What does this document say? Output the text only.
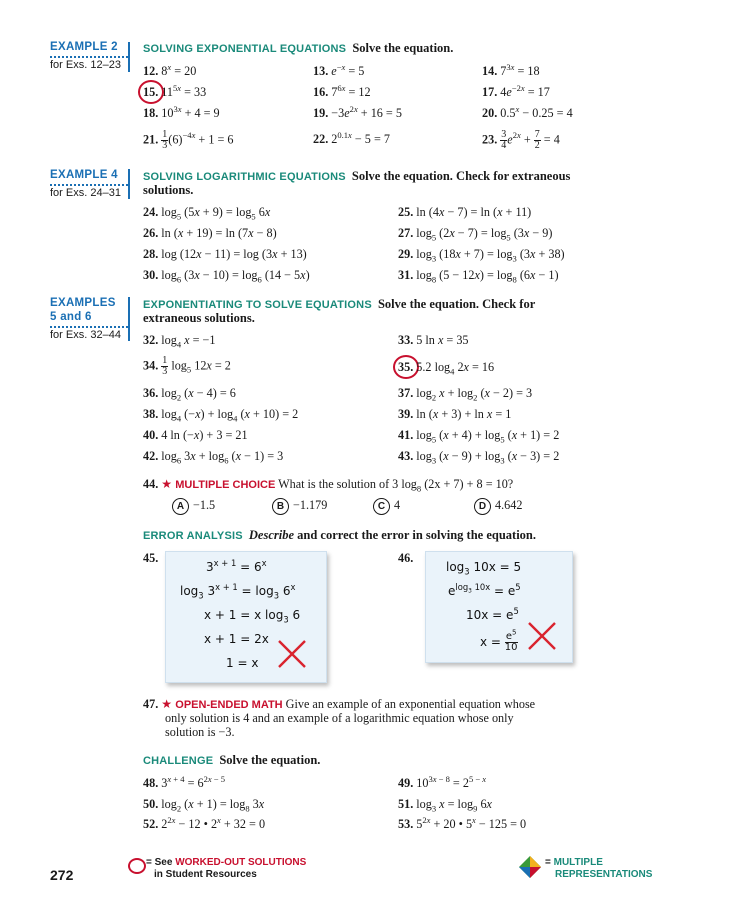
EXAMPLE 2
for Exs. 12–23
EXAMPLE 4
for Exs. 24–31
EXAMPLES
5 and 6
for Exs. 32–44
SOLVING EXPONENTIAL EQUATIONS Solve the equation.
12. $8^x = 20$	13. $e^{-x} = 5$	14. $7^{3x} = 18$
15. $11^{5x} = 33$	16. $7^{6x} = 12$	17. $4e^{-2x} = 17$
18. $10^{3x} + 4 = 9$	19. $-3e^{2x} + 16 = 5$	20. $0.5^x - 0.25 = 4$
21. $\frac{1}{3} (6)^{-4x} + 1 = 6$	22. $2^{0.1x} - 5 = 7$	23. $\frac{3}{4} e^{2x} + \frac{7}{2} = 4$
SOLVING LOGARITHMIC EQUATIONS Solve the equation. Check for extraneous
solutions.
24. $\log_5 (5x + 9) = \log_5 6x$	25. ln (4x − 7) = ln (x + 11)
26. ln (x + 19) = ln (7x − 8)	27. $\log_5 (2x - 7) = \log_5 (3x - 9)$
28. log (12x − 11) = log (3x + 13)	29. $\log_3 (18x + 7) = \log_3 (3x + 38)$
30. $\log_6 (3x - 10) = \log_6 (14 - 5x)$	31. $\log_8 (5 - 12x) = \log_8 (6x - 1)$
EXPONENTIATING TO SOLVE EQUATIONS Solve the equation. Check for
extraneous solutions.
32. $\log_4 x = -1$	33. 5 ln x = 35
34. $\frac{1}{3} \log_5 12x = 2$	35. 5.2 $\log_4 2x = 16$
36. $\log_2 (x - 4) = 6$	37. $\log_2 x + \log_2 (x - 2) = 3$
38. $\log_4 (-x) + \log_4 (x + 10) = 2$	39. ln (x + 3) + ln x = 1
40. 4 ln (−x) + 3 = 21	41. $\log_5 (x + 4) + \log_5 (x + 1) = 2$
42. $\log_6 3x + \log_6 (x - 1) = 3$	43. $\log_3 (x - 9) + \log_3 (x - 3) = 2$
44. ★ MULTIPLE CHOICE What is the solution of 3 $\log_8 (2x + 7) + 8 = 10$?
A −1.5	B −1.179	C 4	D 4.642
ERROR ANALYSIS Describe and correct the error in solving the equation.
45.
$3^{x + 1} = 6^x$
$\log_3 3^{x + 1} = \log_3 6^x$
x + 1 = x $\log_3 6$
x + 1 = 2x
1 = x
46.
$\log_3 10x = 5$
$e^{log_3 10x} = e^5$
$10x = e^5$
$x = \frac{e^5}{10}$
47. ★ OPEN-ENDED MATH Give an example of an exponential equation whose
only solution is 4 and an example of a logarithmic equation whose only
solution is −3.
CHALLENGE Solve the equation.
48. $3^{x + 4} = 6^{2x - 5}$	49. $10^{3x - 8} = 2^{5 - x}$
50. $\log_2 (x + 1) = \log_8 3x$	51. $\log_3 x = \log_9 6x$
52. $2^{2x} - 12$ • $2^x + 32 = 0$	53. $5^{2x} + 20$ • $5^x - 125 = 0$
272
= See WORKED-OUT SOLUTIONS
in Student Resources
= MULTIPLE
REPRESENTATIONS
